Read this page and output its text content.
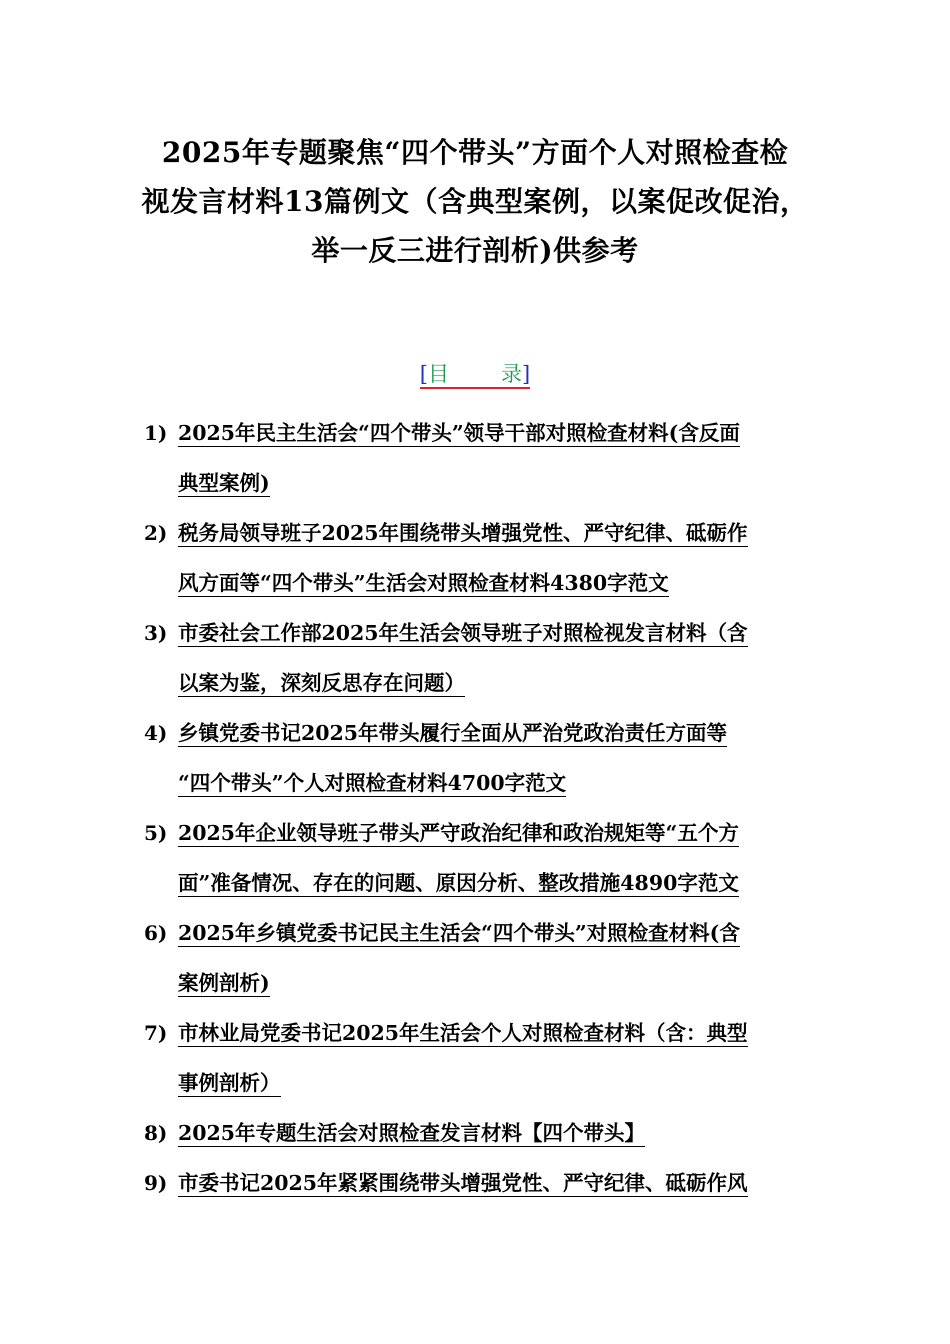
2025年专题聚焦“四个带头”方面个人对照检查检
视发言材料13篇例文（含典型案例，以案促改促治，
举一反三进行剖析)供参考
[目 录]
1) 2025年民主生活会“四个带头”领导干部对照检查材料(含反面
典型案例)
2) 税务局领导班子2025年围绕带头增强党性、严守纪律、砥砺作
风方面等“四个带头”生活会对照检查材料4380字范文
3) 市委社会工作部2025年生活会领导班子对照检视发言材料（含
以案为鉴，深刻反思存在问题）
4) 乡镇党委书记2025年带头履行全面从严治党政治责任方面等
“四个带头”个人对照检查材料4700字范文
5) 2025年企业领导班子带头严守政治纪律和政治规矩等“五个方
面”准备情况、存在的问题、原因分析、整改措施4890字范文
6) 2025年乡镇党委书记民主生活会“四个带头”对照检查材料(含
案例剖析)
7) 市林业局党委书记2025年生活会个人对照检查材料（含：典型
事例剖析）
8) 2025年专题生活会对照检查发言材料【四个带头】
9) 市委书记2025年紧紧围绕带头增强党性、严守纪律、砥砺作风
